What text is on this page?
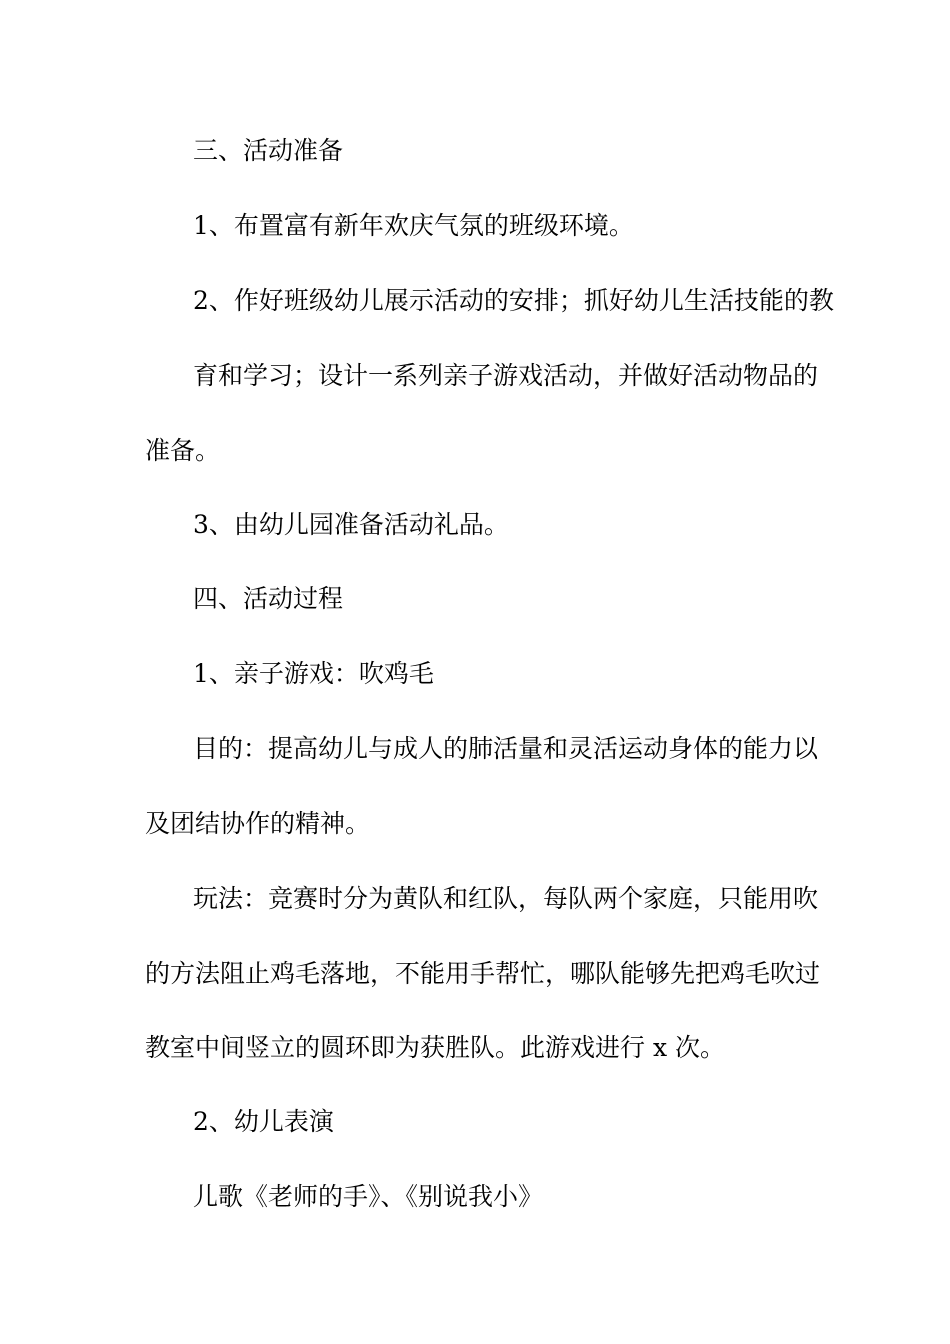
三、活动准备

1、布置富有新年欢庆气氛的班级环境。

2、作好班级幼儿展示活动的安排；抓好幼儿生活技能的教

育和学习；设计一系列亲子游戏活动，并做好活动物品的

准备。

3、由幼儿园准备活动礼品。

四、活动过程

1、亲子游戏：吹鸡毛

目的：提高幼儿与成人的肺活量和灵活运动身体的能力以

及团结协作的精神。

玩法：竞赛时分为黄队和红队，每队两个家庭，只能用吹

的方法阻止鸡毛落地，不能用手帮忙，哪队能够先把鸡毛吹过

教室中间竖立的圆环即为获胜队。此游戏进行 x 次。

2、幼儿表演

儿歌《老师的手》、《别说我小》
